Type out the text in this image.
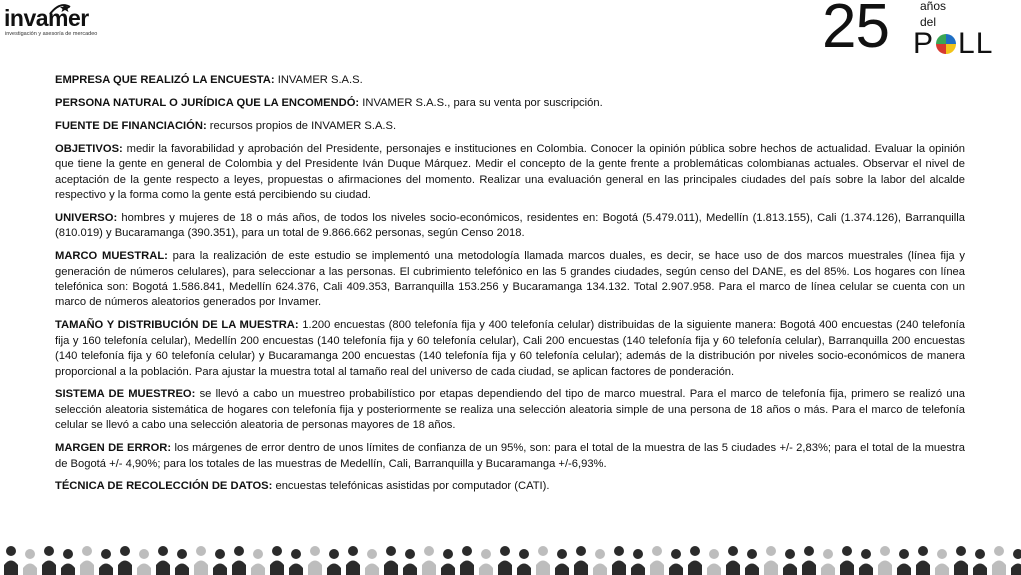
invamer
investigación y asesoría de mercadeo	25	años
del
P LL

EMPRESA QUE REALIZÓ LA ENCUESTA: INVAMER S.A.S.

PERSONA NATURAL O JURÍDICA QUE LA ENCOMENDÓ: INVAMER S.A.S., para su venta por suscripción.

FUENTE DE FINANCIACIÓN: recursos propios de INVAMER S.A.S.

OBJETIVOS: medir la favorabilidad y aprobación del Presidente, personajes e instituciones en Colombia. Conocer la opinión pública sobre hechos de actualidad. Evaluar la opinión que tiene la gente en general de Colombia y del Presidente Iván Duque Márquez. Medir el concepto de la gente frente a problemáticas colombianas actuales. Observar el nivel de aceptación de la gente respecto a leyes, propuestas o afirmaciones del momento. Realizar una evaluación general en las principales ciudades del país sobre la labor del alcalde respectivo y la forma como la gente está percibiendo su ciudad.

UNIVERSO: hombres y mujeres de 18 o más años, de todos los niveles socio-económicos, residentes en: Bogotá (5.479.011), Medellín (1.813.155), Cali (1.374.126), Barranquilla (810.019) y Bucaramanga (390.351), para un total de 9.866.662 personas, según Censo 2018.

MARCO MUESTRAL: para la realización de este estudio se implementó una metodología llamada marcos duales, es decir, se hace uso de dos marcos muestrales (línea fija y generación de números celulares), para seleccionar a las personas. El cubrimiento telefónico en las 5 grandes ciudades, según censo del DANE, es del 85%. Los hogares con línea telefónica son: Bogotá 1.586.841, Medellín 624.376, Cali 409.353, Barranquilla 153.256 y Bucaramanga 134.132. Total 2.907.958. Para el marco de línea celular se cuenta con un marco de números aleatorios generados por Invamer.

TAMAÑO Y DISTRIBUCIÓN DE LA MUESTRA: 1.200 encuestas (800 telefonía fija y 400 telefonía celular) distribuidas de la siguiente manera: Bogotá 400 encuestas (240 telefonía fija y 160 telefonía celular), Medellín 200 encuestas (140 telefonía fija y 60 telefonía celular), Cali 200 encuestas (140 telefonía fija y 60 telefonía celular), Barranquilla 200 encuestas (140 telefonía fija y 60 telefonía celular) y Bucaramanga 200 encuestas (140 telefonía fija y 60 telefonía celular); además de la distribución por niveles socio-económicos de manera proporcional a la población. Para ajustar la muestra total al tamaño real del universo de cada ciudad, se aplican factores de ponderación.

SISTEMA DE MUESTREO: se llevó a cabo un muestreo probabilístico por etapas dependiendo del tipo de marco muestral. Para el marco de telefonía fija, primero se realizó una selección aleatoria sistemática de hogares con telefonía fija y posteriormente se realiza una selección aleatoria simple de una persona de 18 años o más. Para el marco de telefonía celular se llevó a cabo una selección aleatoria de personas mayores de 18 años.

MARGEN DE ERROR: los márgenes de error dentro de unos límites de confianza de un 95%, son: para el total de la muestra de las 5 ciudades +/- 2,83%; para el total de la muestra de Bogotá +/- 4,90%; para los totales de las muestras de Medellín, Cali, Barranquilla y Bucaramanga +/-6,93%.

TÉCNICA DE RECOLECCIÓN DE DATOS: encuestas telefónicas asistidas por computador (CATI).
